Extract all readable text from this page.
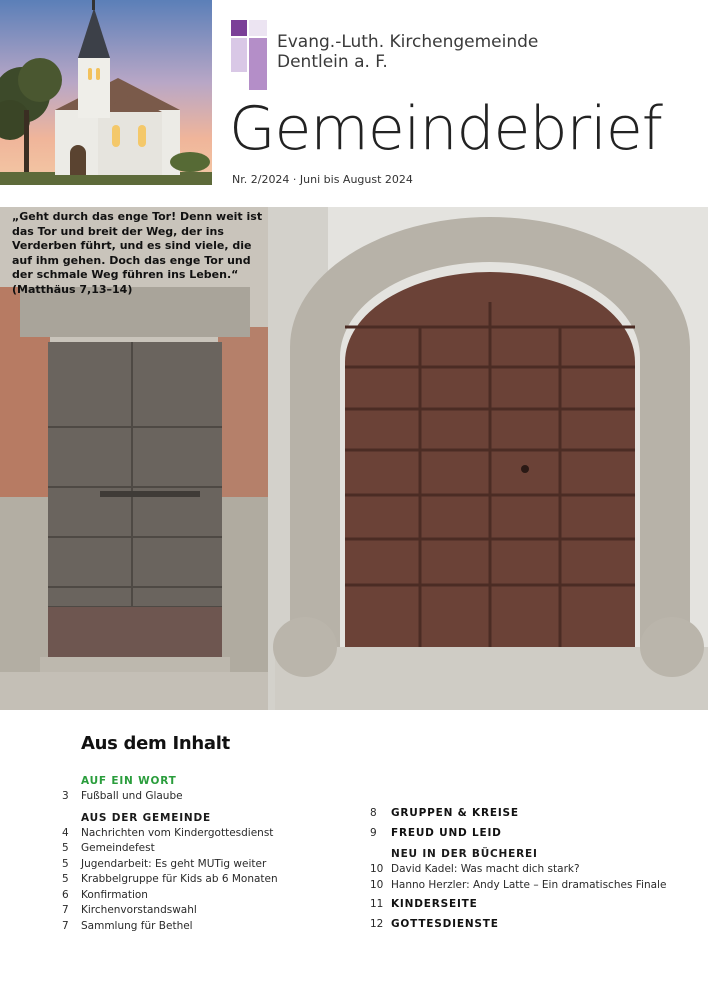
Evang.-Luth. Kirchengemeinde
Dentlein a. F.
Gemeindebrief
Nr. 2/2024 · Juni bis August 2024
„Geht durch das enge Tor! Denn weit ist das Tor und breit der Weg, der ins Verderben führt, und es sind viele, die auf ihm gehen. Doch das enge Tor und der schmale Weg führen ins Leben.“ (Matthäus 7,13–14)
Aus dem Inhalt
AUF EIN WORT
3	Fußball und Glaube
AUS DER GEMEINDE
4	Nachrichten vom Kindergottesdienst
5	Gemeindefest
5	Jugendarbeit: Es geht MUTig weiter
5	Krabbelgruppe für Kids ab 6 Monaten
6	Konfirmation
7	Kirchenvorstandswahl
7	Sammlung für Bethel
8	GRUPPEN & KREISE
9	FREUD UND LEID
NEU IN DER BÜCHEREI
10 David Kadel: Was macht dich stark?
10 Hanno Herzler: Andy Latte – Ein dramatisches Finale
11 KINDERSEITE
12 GOTTESDIENSTE
